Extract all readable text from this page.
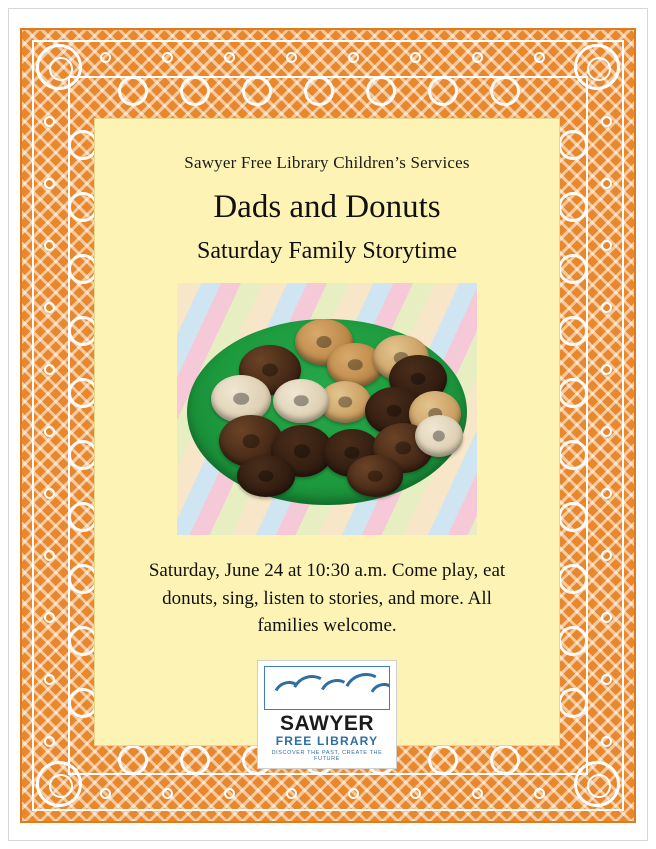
Sawyer Free Library Children’s Services

Dads and Donuts
Saturday Family Storytime

Saturday, June 24 at 10:30 a.m. Come play, eat donuts, sing, listen to stories, and more. All families welcome.

SAWYER
FREE LIBRARY
DISCOVER THE PAST, CREATE THE FUTURE
